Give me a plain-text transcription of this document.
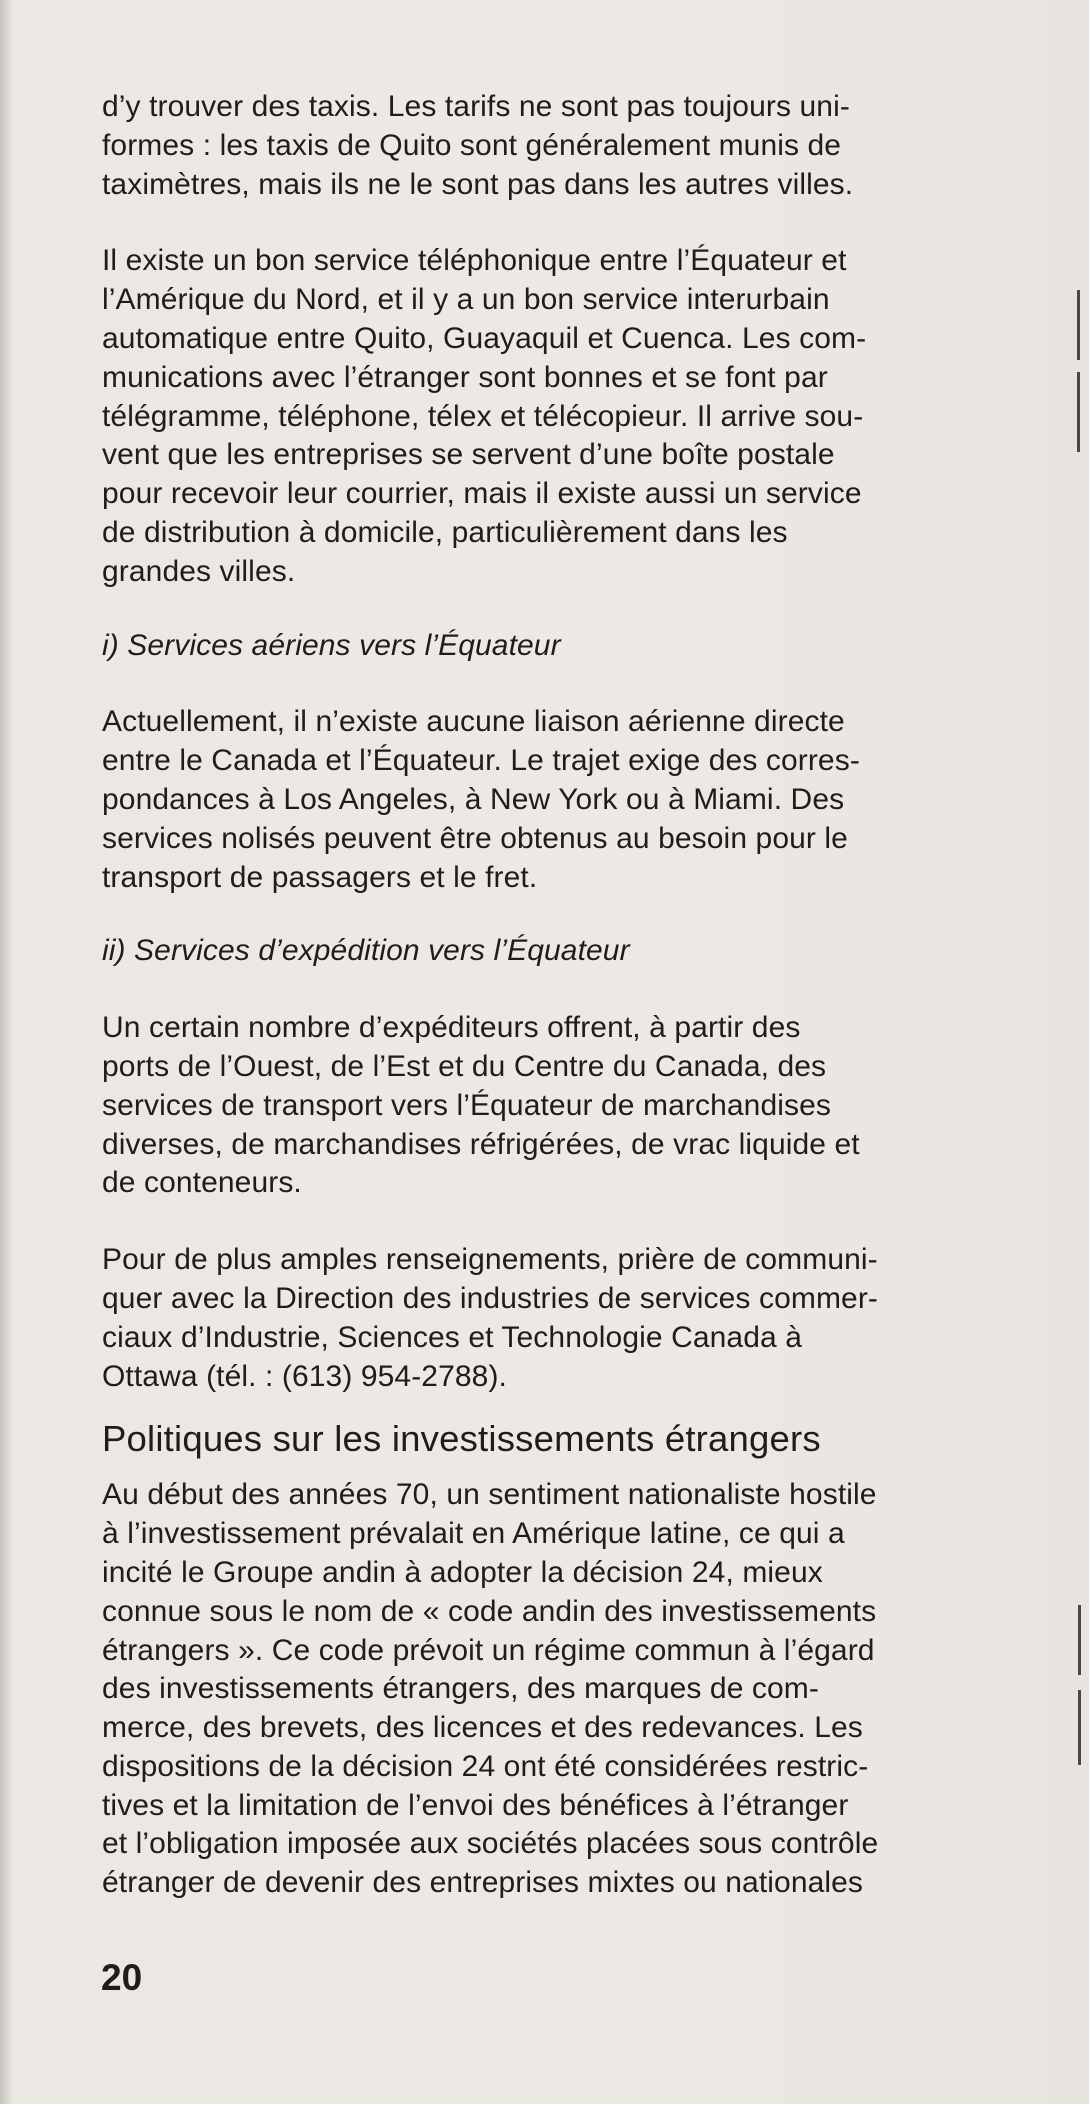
d’y trouver des taxis. Les tarifs ne sont pas toujours uni-

formes : les taxis de Quito sont généralement munis de

taximètres, mais ils ne le sont pas dans les autres villes.

Il existe un bon service téléphonique entre l’Équateur et

l’Amérique du Nord, et il y a un bon service interurbain

automatique entre Quito, Guayaquil et Cuenca. Les com-

munications avec l’étranger sont bonnes et se font par

télégramme, téléphone, télex et télécopieur. Il arrive sou-

vent que les entreprises se servent d’une boîte postale

pour recevoir leur courrier, mais il existe aussi un service

de distribution à domicile, particulièrement dans les

grandes villes.

i) Services aériens vers l’Équateur

Actuellement, il n’existe aucune liaison aérienne directe

entre le Canada et l’Équateur. Le trajet exige des corres-

pondances à Los Angeles, à New York ou à Miami. Des

services nolisés peuvent être obtenus au besoin pour le

transport de passagers et le fret.

ii) Services d’expédition vers l’Équateur

Un certain nombre d’expéditeurs offrent, à partir des

ports de l’Ouest, de l’Est et du Centre du Canada, des

services de transport vers l’Équateur de marchandises

diverses, de marchandises réfrigérées, de vrac liquide et

de conteneurs.

Pour de plus amples renseignements, prière de communi-

quer avec la Direction des industries de services commer-

ciaux d’Industrie, Sciences et Technologie Canada à

Ottawa (tél. : (613) 954-2788).

Politiques sur les investissements étrangers

Au début des années 70, un sentiment nationaliste hostile

à l’investissement prévalait en Amérique latine, ce qui a

incité le Groupe andin à adopter la décision 24, mieux

connue sous le nom de « code andin des investissements

étrangers ». Ce code prévoit un régime commun à l’égard

des investissements étrangers, des marques de com-

merce, des brevets, des licences et des redevances. Les

dispositions de la décision 24 ont été considérées restric-

tives et la limitation de l’envoi des bénéfices à l’étranger

et l’obligation imposée aux sociétés placées sous contrôle

étranger de devenir des entreprises mixtes ou nationales

20
